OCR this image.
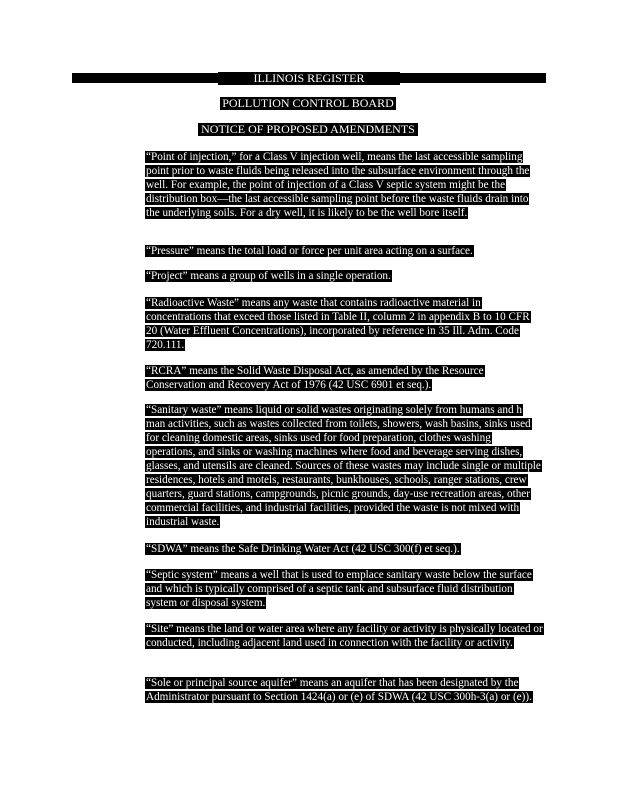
ILLINOIS REGISTER
POLLUTION CONTROL BOARD
NOTICE OF PROPOSED AMENDMENTS

“Point of injection,” for a Class V injection well, means the last accessible sampling point prior to waste fluids being released into the subsurface environment through the well. For example, the point of injection of a Class V septic system might be the distribution box—the last accessible sampling point before the waste fluids drain into the underlying soils. For a dry well, it is likely to be the well bore itself.

“Pressure” means the total load or force per unit area acting on a surface.

“Project” means a group of wells in a single operation.

“Radioactive Waste” means any waste that contains radioactive material in concentrations that exceed those listed in Table II, column 2 in appendix B to 10 CFR 20 (Water Effluent Concentrations), incorporated by reference in 35 Ill. Adm. Code 720.111.

“RCRA” means the Solid Waste Disposal Act, as amended by the Resource Conservation and Recovery Act of 1976 (42 USC 6901 et seq.).

“Sanitary waste” means liquid or solid wastes originating solely from humans and h man activities, such as wastes collected from toilets, showers, wash basins, sinks used for cleaning domestic areas, sinks used for food preparation, clothes washing operations, and sinks or washing machines where food and beverage serving dishes, glasses, and utensils are cleaned. Sources of these wastes may include single or multiple residences, hotels and motels, restaurants, bunkhouses, schools, ranger stations, crew quarters, guard stations, campgrounds, picnic grounds, day-use recreation areas, other commercial facilities, and industrial facilities, provided the waste is not mixed with industrial waste.

“SDWA” means the Safe Drinking Water Act (42 USC 300(f) et seq.).

“Septic system” means a well that is used to emplace sanitary waste below the surface and which is typically comprised of a septic tank and subsurface fluid distribution system or disposal system.

“Site” means the land or water area where any facility or activity is physically located or conducted, including adjacent land used in connection with the facility or activity.

“Sole or principal source aquifer” means an aquifer that has been designated by the Administrator pursuant to Section 1424(a) or (e) of SDWA (42 USC 300h-3(a) or (e)).
